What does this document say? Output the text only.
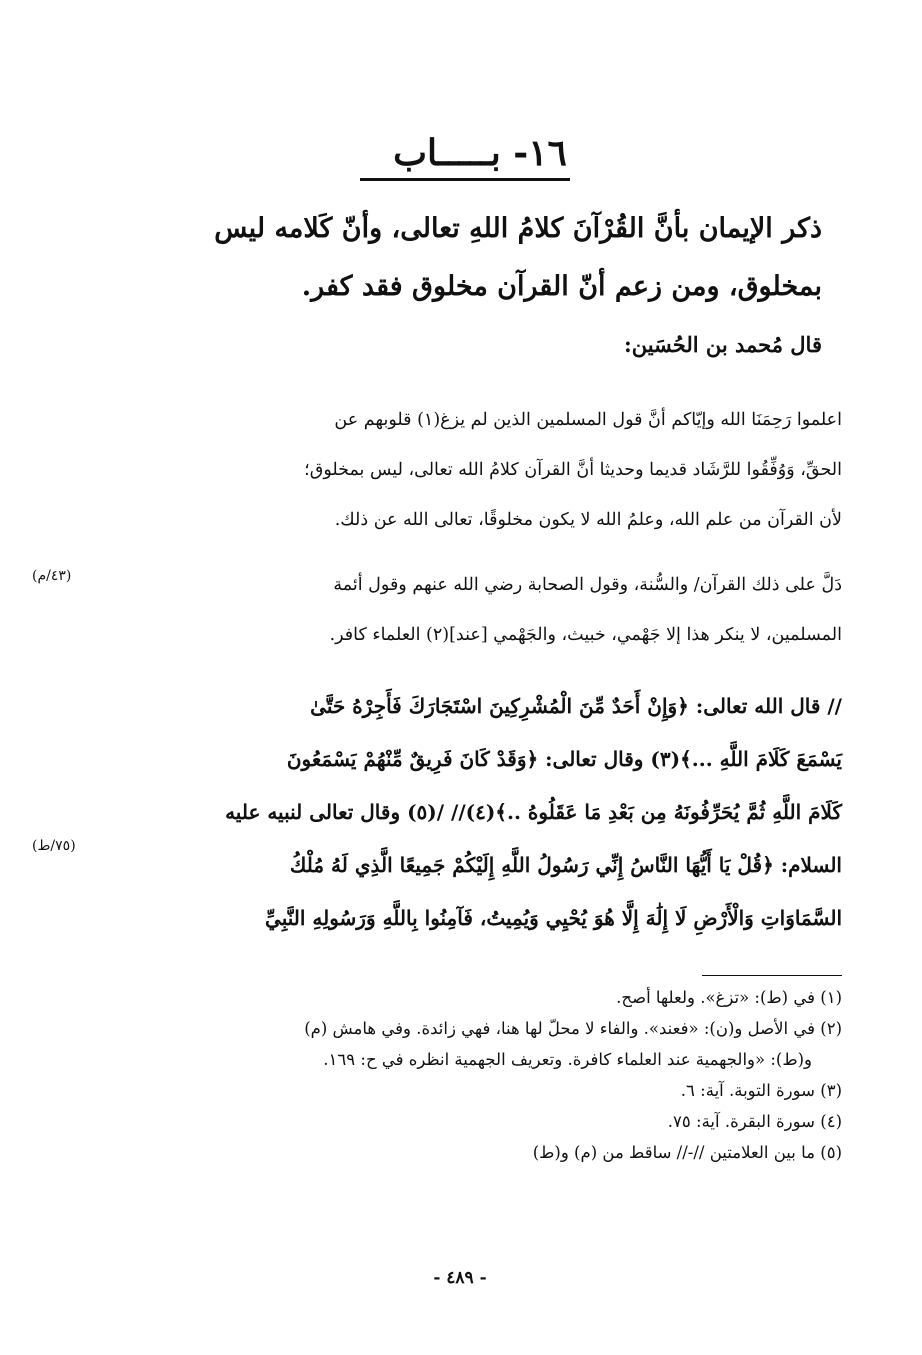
١٦- بـــــاب
ذكر الإيمان بأنَّ القُرْآنَ كلامُ اللهِ تعالى، وأنّ كَلامه ليس
بمخلوق، ومن زعم أنّ القرآن مخلوق فقد كفر.
قال مُحمد بن الحُسَين:
اعلموا رَحِمَنَا الله وإيّاكم أنَّ قول المسلمين الذين لم يزغ(١) قلوبهم عن
الحقِّ، وَوُفِّقُوا للرَّشَاد قديما وحديثا أنَّ القرآن كلامُ الله تعالى، ليس بمخلوق؛
لأن القرآن من علم الله، وعلمُ الله لا يكون مخلوقًا، تعالى الله عن ذلك.
دَلَّ على ذلك القرآن/ والسُّنة، وقول الصحابة رضي الله عنهم وقول أئمة
المسلمين، لا ينكر هذا إلا جَهْمي، خبيث، والجَهْمي [عند](٢) العلماء كافر.
(٤٣/م)
// قال الله تعالى: ﴿وَإِنْ أَحَدٌ مِّنَ الْمُشْرِكِينَ اسْتَجَارَكَ فَأَجِرْهُ حَتَّىٰ
يَسْمَعَ كَلَامَ اللَّهِ ...﴾(٣) وقال تعالى: ﴿وَقَدْ كَانَ فَرِيقٌ مِّنْهُمْ يَسْمَعُونَ
كَلَامَ اللَّهِ ثُمَّ يُحَرِّفُونَهُ مِن بَعْدِ مَا عَقَلُوهُ ..﴾(٤)// /(٥) وقال تعالى لنبيه عليه
السلام: ﴿قُلْ يَا أَيُّهَا النَّاسُ إِنِّي رَسُولُ اللَّهِ إِلَيْكُمْ جَمِيعًا الَّذِي لَهُ مُلْكُ
السَّمَاوَاتِ وَالْأَرْضِ لَا إِلَٰهَ إِلَّا هُوَ يُحْيِي وَيُمِيتُ، فَآمِنُوا بِاللَّهِ وَرَسُولِهِ النَّبِيِّ
(٧٥/ط)

(١) في (ط): «تزغ». ولعلها أصح.

(٢) في الأصل و(ن): «فعند». والفاء لا محلّ لها هنا، فهي زائدة. وفي هامش (م)

و(ط): «والجهمية عند العلماء كافرة. وتعريف الجهمية انظره في ح: ١٦٩.

(٣) سورة التوبة. آية: ٦.

(٤) سورة البقرة. آية: ٧٥.

(٥) ما بين العلامتين //-// ساقط من (م) و(ط)

- ٤٨٩ -
